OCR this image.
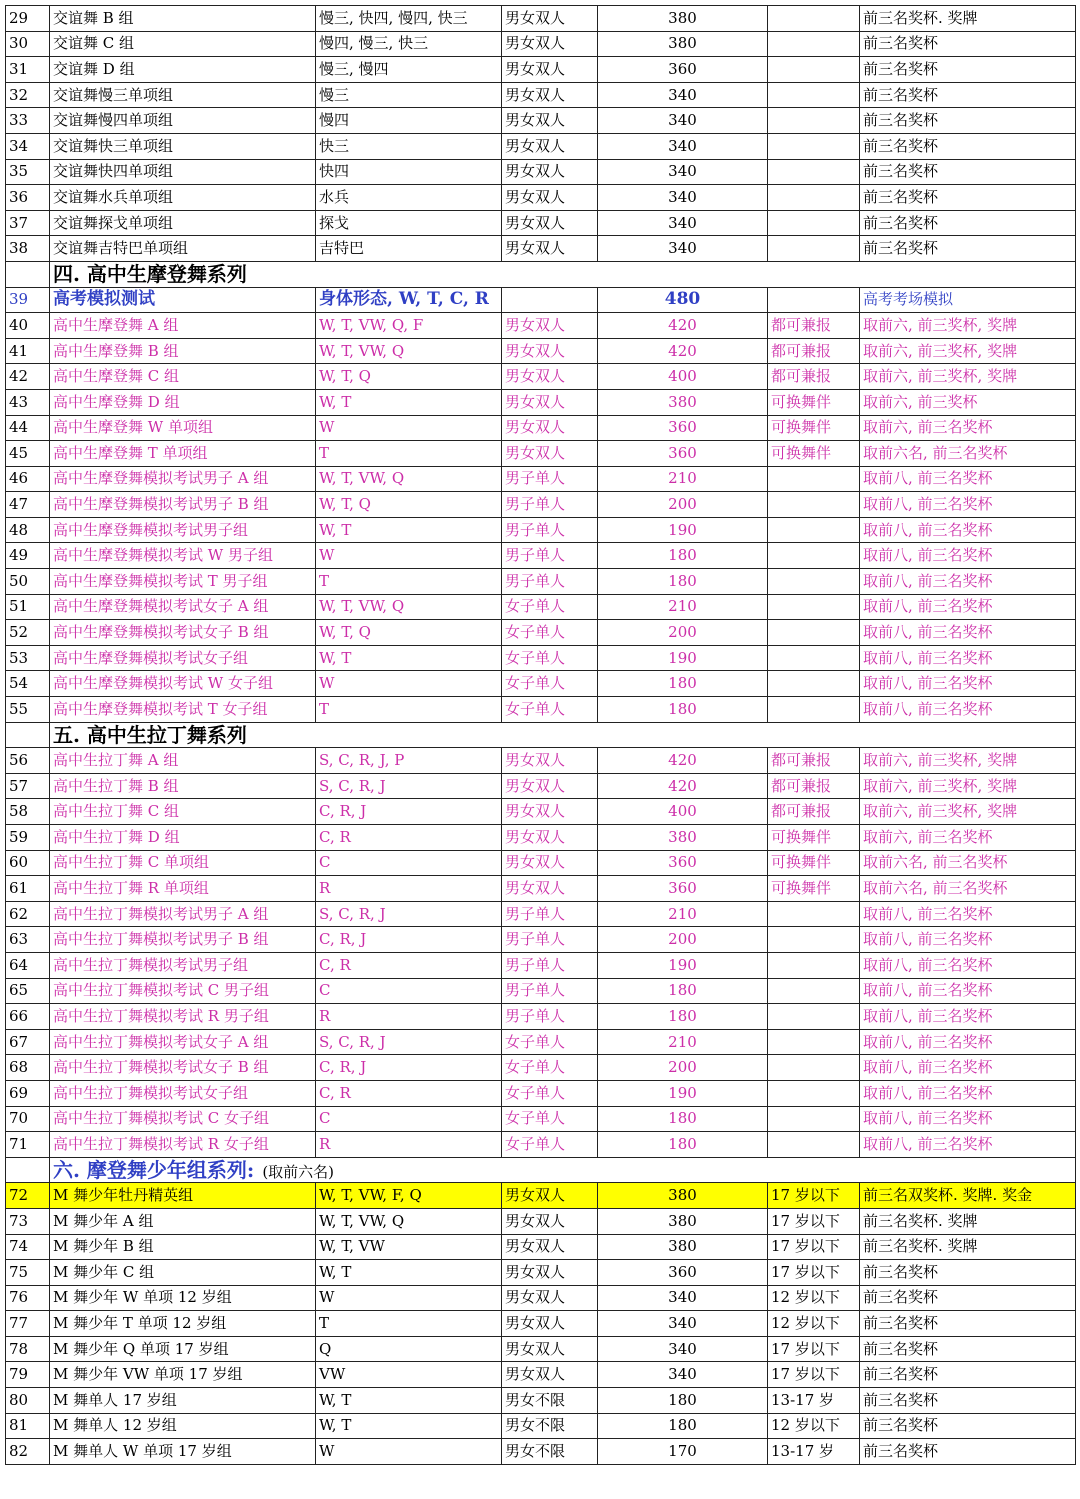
29	交谊舞 B 组	慢三, 快四, 慢四, 快三	男女双人	380		前三名奖杯. 奖牌
30	交谊舞 C 组	慢四, 慢三, 快三	男女双人	380		前三名奖杯
31	交谊舞 D 组	慢三, 慢四	男女双人	360		前三名奖杯
32	交谊舞慢三单项组	慢三	男女双人	340		前三名奖杯
33	交谊舞慢四单项组	慢四	男女双人	340		前三名奖杯
34	交谊舞快三单项组	快三	男女双人	340		前三名奖杯
35	交谊舞快四单项组	快四	男女双人	340		前三名奖杯
36	交谊舞水兵单项组	水兵	男女双人	340		前三名奖杯
37	交谊舞探戈单项组	探戈	男女双人	340		前三名奖杯
38	交谊舞吉特巴单项组	吉特巴	男女双人	340		前三名奖杯
	四. 高中生摩登舞系列					
39	高考模拟测试	身体形态, W, T, C, R		480		高考考场模拟
40	高中生摩登舞 A 组	W, T, VW, Q, F	男女双人	420	都可兼报	取前六, 前三奖杯, 奖牌
41	高中生摩登舞 B 组	W, T, VW, Q	男女双人	420	都可兼报	取前六, 前三奖杯, 奖牌
42	高中生摩登舞 C 组	W, T, Q	男女双人	400	都可兼报	取前六, 前三奖杯, 奖牌
43	高中生摩登舞 D 组	W, T	男女双人	380	可换舞伴	取前六, 前三奖杯
44	高中生摩登舞 W 单项组	W	男女双人	360	可换舞伴	取前六, 前三名奖杯
45	高中生摩登舞 T 单项组	T	男女双人	360	可换舞伴	取前六名, 前三名奖杯
46	高中生摩登舞模拟考试男子 A 组	W, T, VW, Q	男子单人	210		取前八, 前三名奖杯
47	高中生摩登舞模拟考试男子 B 组	W, T, Q	男子单人	200		取前八, 前三名奖杯
48	高中生摩登舞模拟考试男子组	W, T	男子单人	190		取前八, 前三名奖杯
49	高中生摩登舞模拟考试 W 男子组	W	男子单人	180		取前八, 前三名奖杯
50	高中生摩登舞模拟考试 T 男子组	T	男子单人	180		取前八, 前三名奖杯
51	高中生摩登舞模拟考试女子 A 组	W, T, VW, Q	女子单人	210		取前八, 前三名奖杯
52	高中生摩登舞模拟考试女子 B 组	W, T, Q	女子单人	200		取前八, 前三名奖杯
53	高中生摩登舞模拟考试女子组	W, T	女子单人	190		取前八, 前三名奖杯
54	高中生摩登舞模拟考试 W 女子组	W	女子单人	180		取前八, 前三名奖杯
55	高中生摩登舞模拟考试 T 女子组	T	女子单人	180		取前八, 前三名奖杯
	五. 高中生拉丁舞系列					
56	高中生拉丁舞 A 组	S, C, R, J, P	男女双人	420	都可兼报	取前六, 前三奖杯, 奖牌
57	高中生拉丁舞 B 组	S, C, R, J	男女双人	420	都可兼报	取前六, 前三奖杯, 奖牌
58	高中生拉丁舞 C 组	C, R, J	男女双人	400	都可兼报	取前六, 前三奖杯, 奖牌
59	高中生拉丁舞 D 组	C, R	男女双人	380	可换舞伴	取前六, 前三名奖杯
60	高中生拉丁舞 C 单项组	C	男女双人	360	可换舞伴	取前六名, 前三名奖杯
61	高中生拉丁舞 R 单项组	R	男女双人	360	可换舞伴	取前六名, 前三名奖杯
62	高中生拉丁舞模拟考试男子 A 组	S, C, R, J	男子单人	210		取前八, 前三名奖杯
63	高中生拉丁舞模拟考试男子 B 组	C, R, J	男子单人	200		取前八, 前三名奖杯
64	高中生拉丁舞模拟考试男子组	C, R	男子单人	190		取前八, 前三名奖杯
65	高中生拉丁舞模拟考试 C 男子组	C	男子单人	180		取前八, 前三名奖杯
66	高中生拉丁舞模拟考试 R 男子组	R	男子单人	180		取前八, 前三名奖杯
67	高中生拉丁舞模拟考试女子 A 组	S, C, R, J	女子单人	210		取前八, 前三名奖杯
68	高中生拉丁舞模拟考试女子 B 组	C, R, J	女子单人	200		取前八, 前三名奖杯
69	高中生拉丁舞模拟考试女子组	C, R	女子单人	190		取前八, 前三名奖杯
70	高中生拉丁舞模拟考试 C 女子组	C	女子单人	180		取前八, 前三名奖杯
71	高中生拉丁舞模拟考试 R 女子组	R	女子单人	180		取前八, 前三名奖杯
	六. 摩登舞少年组系列: (取前六名)					
72	M 舞少年牡丹精英组	W, T, VW, F, Q	男女双人	380	17 岁以下	前三名双奖杯. 奖牌. 奖金
73	M 舞少年 A 组	W, T, VW, Q	男女双人	380	17 岁以下	前三名奖杯. 奖牌
74	M 舞少年 B 组	W, T, VW	男女双人	380	17 岁以下	前三名奖杯. 奖牌
75	M 舞少年 C 组	W, T	男女双人	360	17 岁以下	前三名奖杯
76	M 舞少年 W 单项 12 岁组	W	男女双人	340	12 岁以下	前三名奖杯
77	M 舞少年 T 单项 12 岁组	T	男女双人	340	12 岁以下	前三名奖杯
78	M 舞少年 Q 单项 17 岁组	Q	男女双人	340	17 岁以下	前三名奖杯
79	M 舞少年 VW 单项 17 岁组	VW	男女双人	340	17 岁以下	前三名奖杯
80	M 舞单人 17 岁组	W, T	男女不限	180	13-17 岁	前三名奖杯
81	M 舞单人 12 岁组	W, T	男女不限	180	12 岁以下	前三名奖杯
82	M 舞单人 W 单项 17 岁组	W	男女不限	170	13-17 岁	前三名奖杯
